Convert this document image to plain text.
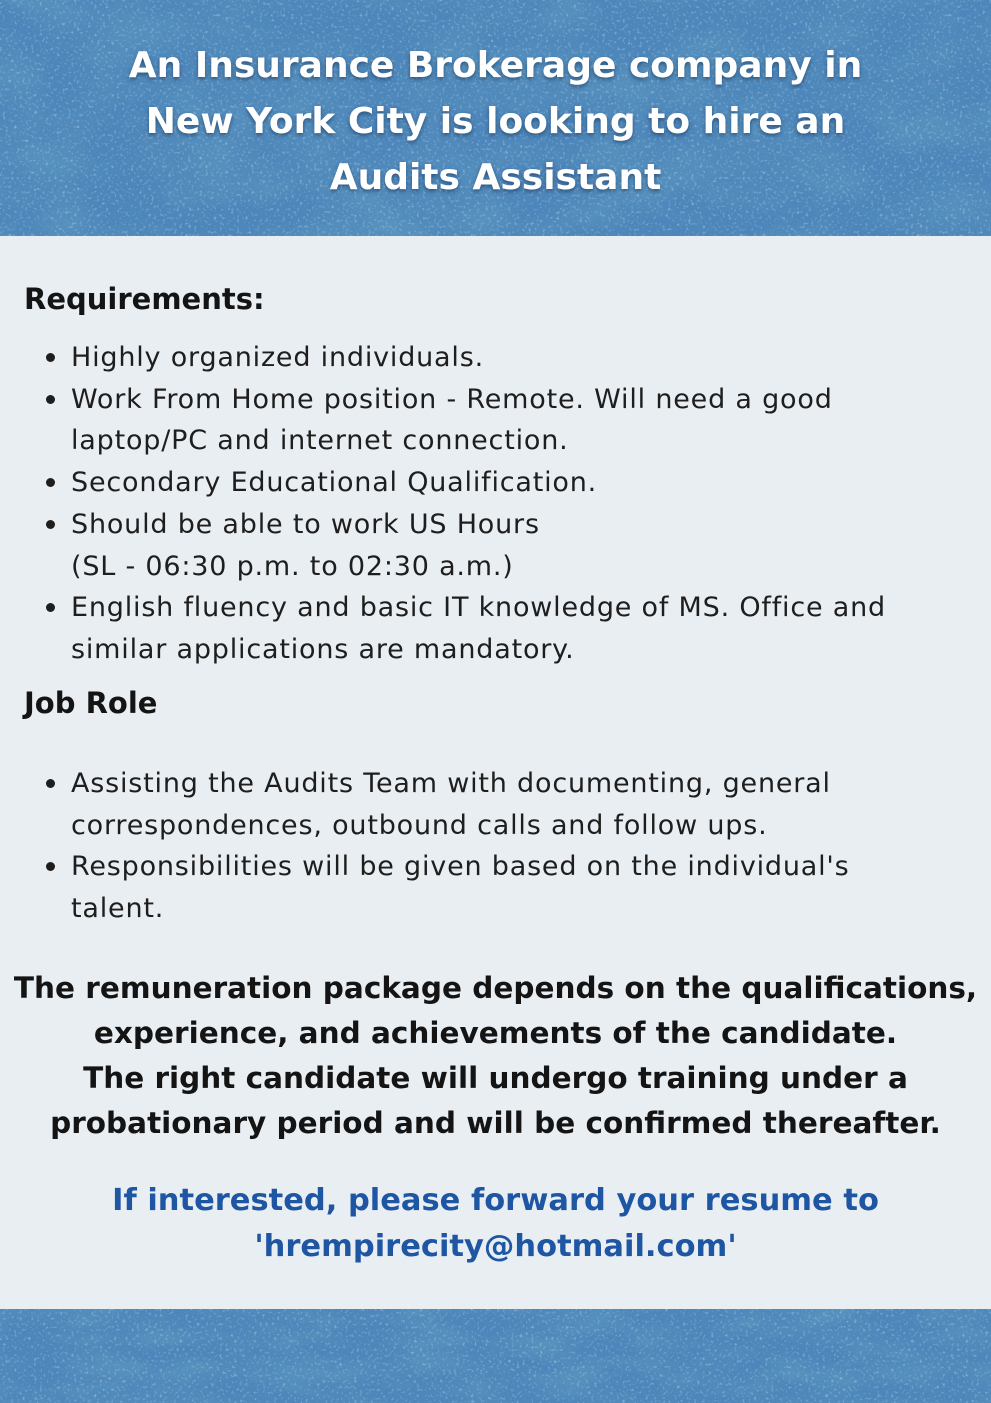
An Insurance Brokerage company in
New York City is looking to hire an
Audits Assistant
Requirements:
Highly organized individuals.
Work From Home position - Remote. Will need a good
laptop/PC and internet connection.
Secondary Educational Qualification.
Should be able to work US Hours
(SL - 06:30 p.m. to 02:30 a.m.)
English fluency and basic IT knowledge of MS. Office and
similar applications are mandatory.
Job Role
Assisting the Audits Team with documenting, general
correspondences, outbound calls and follow ups.
Responsibilities will be given based on the individual's
talent.
The remuneration package depends on the qualifications,
experience, and achievements of the candidate.
The right candidate will undergo training under a
probationary period and will be confirmed thereafter.
If interested, please forward your resume to
'hrempirecity@hotmail.com'
